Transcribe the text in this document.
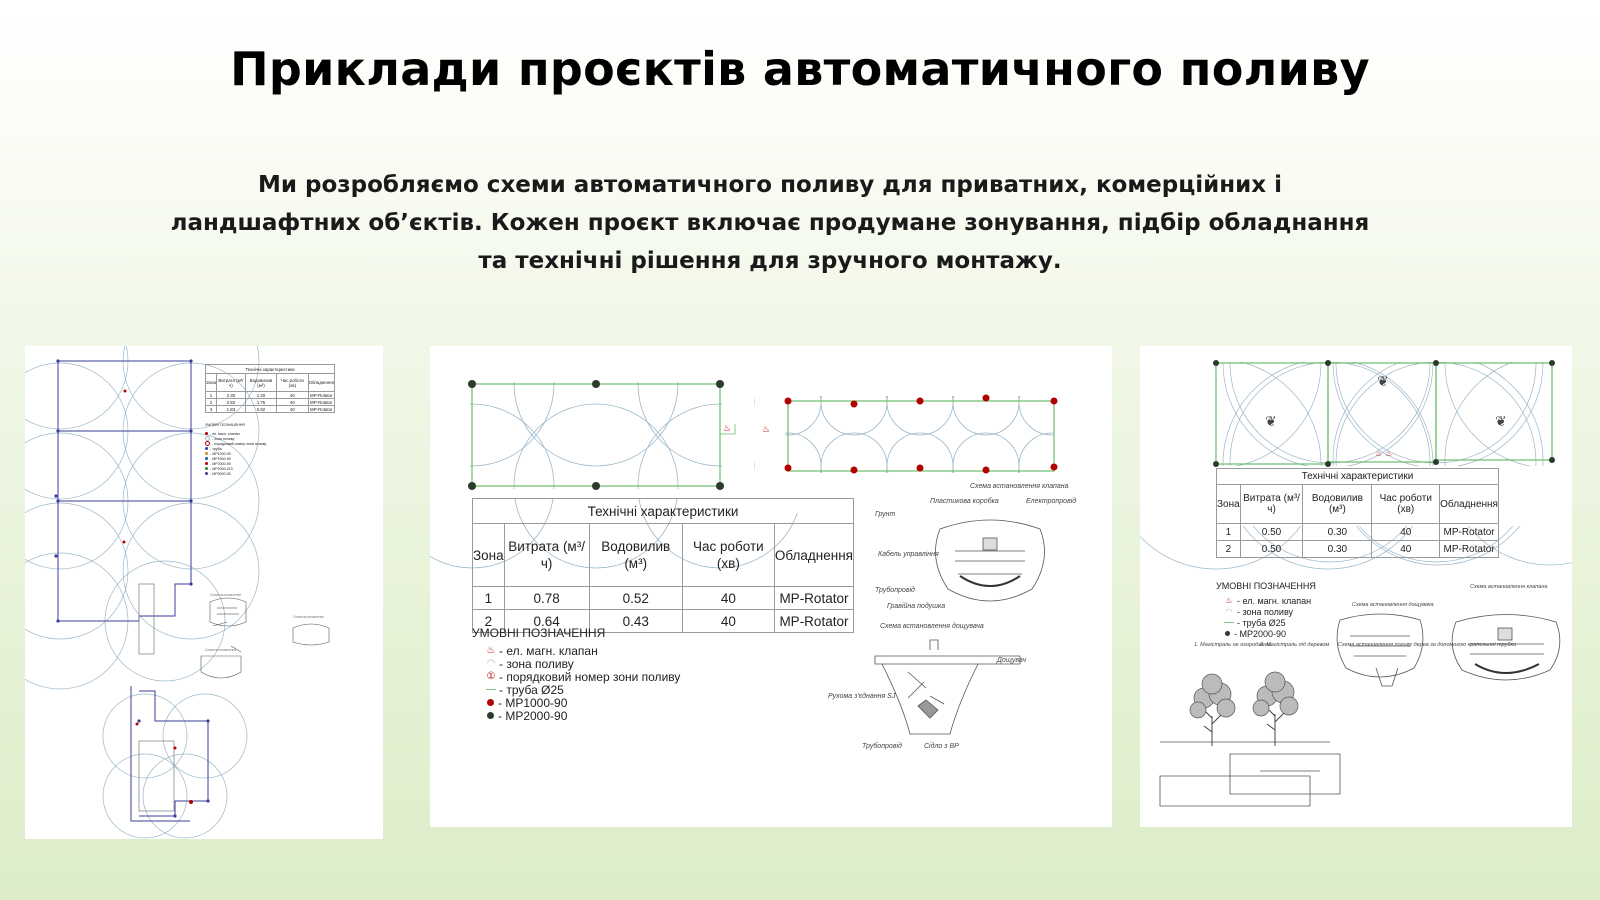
Приклади проєктів автоматичного поливу
Ми розробляємо схеми автоматичного поливу для приватних, комерційних і ландшафтних об’єктів. Кожен проєкт включає продумане зонування, підбір обладнання та технічні рішення для зручного монтажу.
Схема встановлення
Схема встановлення
Схема встановлення
Технічні характеристики				
Зона	Витрата (м³/ч)	Водовилив (м³)	Час роботи (хв)	Обладнення
1	2.30	1.20	40	MP-Rotator
2	2.82	1.75	40	MP-Rotator
3	1.83	0.82	40	MP-Rotator
УМОВНІ ПОЗНАЧЕННЯ
- ел. магн. клапан
- зона поливу
- порядковий номер зони поливу
- труба
- MP1000-90
- MP1500-90
- MP2000-90
- MP2000-210
- MP3000-90
♨	♨
Схема встановлення клапана
Електропровід
Пластикова коробка
Грунт
Кабель управління
Трубопровід
Гравійна подушка
Схема встановлення дощувача
Дощувач
Рухома з'єднання SJ
Трубопровід	Сідло з ВР
Технічні характеристики				
Зона	Витрата (м³/ч)	Водовилив (м³)	Час роботи (хв)	Обладнення
1	0.78	0.52	40	MP-Rotator
2	0.64	0.43	40	MP-Rotator
УМОВНІ ПОЗНАЧЕННЯ
♨ - ел. магн. клапан
◠ - зона поливу
① - порядковий номер зони поливу
- труба Ø25
- MP1000-90
- MP2000-90
❦
❦
❦
♨ ♨
Схема встановлення дощувача
Схема встановлення клапана
Схема встановлення поливу дерев за допомогою крапельної трубки
1. Магістраль не огороджена
2. Магістраль під деревом
Технічні характеристики				
Зона	Витрата (м³/ч)	Водовилив (м³)	Час роботи (хв)	Обладнення
1	0.50	0.30	40	MP-Rotator
2	0.50	0.30	40	MP-Rotator
УМОВНІ ПОЗНАЧЕННЯ
♨ - ел. магн. клапан
◠ - зона поливу
- труба Ø25
- MP2000-90
